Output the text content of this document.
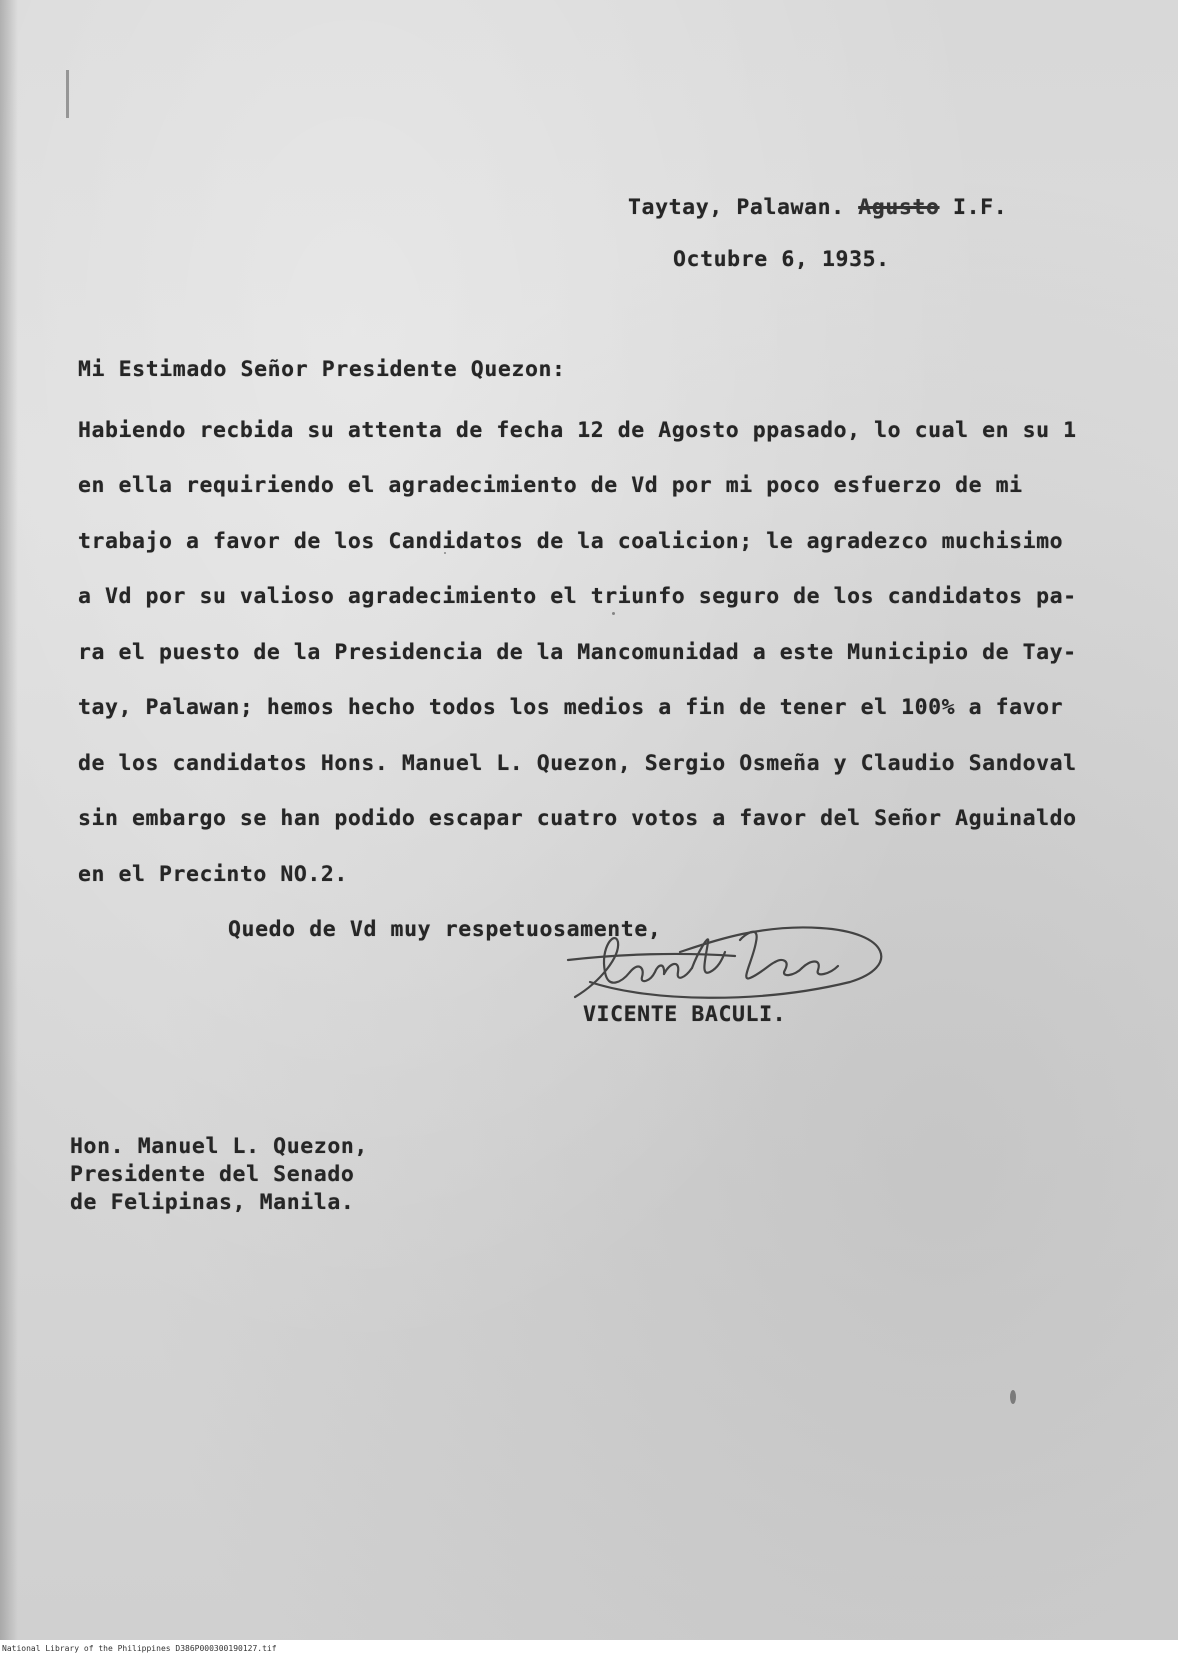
Taytay, Palawan. Agusto I.F.
Octubre 6, 1935.
Mi Estimado Señor Presidente Quezon:
Habiendo recbida su attenta de fecha 12 de Agosto ppasado, lo cual en su 1
en ella requiriendo el agradecimiento de Vd por mi poco esfuerzo de mi
trabajo a favor de los Candidatos de la coalicion; le agradezco muchisimo
a Vd por su valioso agradecimiento el triunfo seguro de los candidatos pa-
ra el puesto de la Presidencia de la Mancomunidad a este Municipio de Tay-
tay, Palawan; hemos hecho todos los medios a fin de tener el 100% a favor
de los candidatos Hons. Manuel L. Quezon, Sergio Osmeña y Claudio Sandoval
sin embargo se han podido escapar cuatro votos a favor del Señor Aguinaldo
en el Precinto NO.2.
Quedo de Vd muy respetuosamente,
VICENTE BACULI.
Hon. Manuel L. Quezon,
Presidente del Senado
de Felipinas, Manila.
National Library of the Philippines D386P000300190127.tif
